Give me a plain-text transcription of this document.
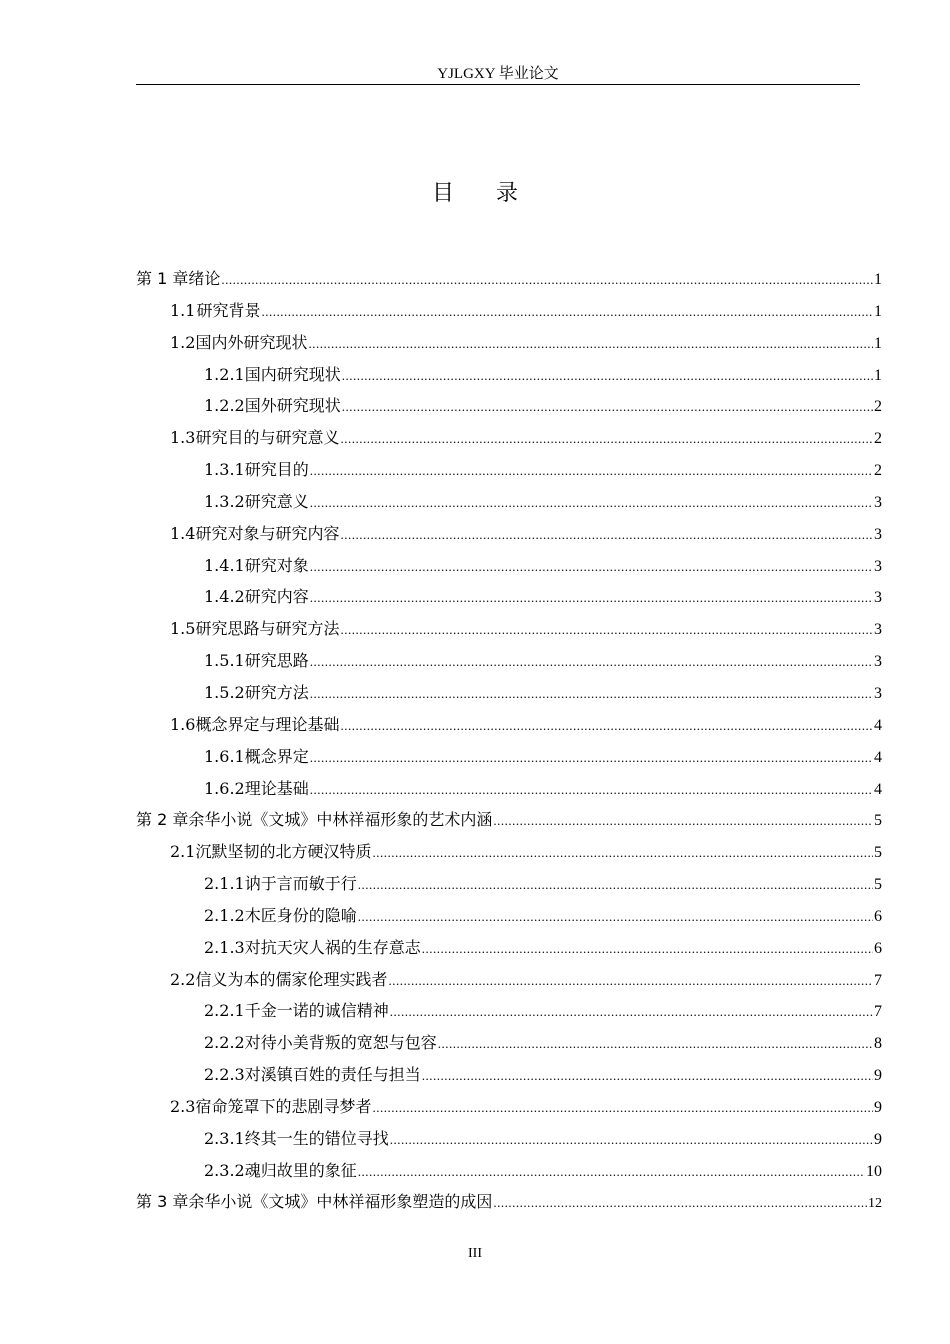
YJLGXY 毕业论文
目录
第 1 章 绪论 .....	1
1.1 研究背景 .....	1
1.2 国内外研究现状 .....	1
1.2.1 国内研究现状 .....	1
1.2.2 国外研究现状 .....	2
1.3 研究目的与研究意义 .....	2
1.3.1 研究目的 .....	2
1.3.2 研究意义 .....	3
1.4 研究对象与研究内容 .....	3
1.4.1 研究对象 .....	3
1.4.2 研究内容 .....	3
1.5 研究思路与研究方法 .....	3
1.5.1 研究思路 .....	3
1.5.2 研究方法 .....	3
1.6 概念界定与理论基础 .....	4
1.6.1 概念界定 .....	4
1.6.2 理论基础 .....	4
第 2 章 余华小说《文城》中林祥福形象的艺术内涵 .....	5
2.1 沉默坚韧的北方硬汉特质 .....	5
2.1.1 讷于言而敏于行 .....	5
2.1.2 木匠身份的隐喻 .....	6
2.1.3 对抗天灾人祸的生存意志 .....	6
2.2 信义为本的儒家伦理实践者 .....	7
2.2.1 千金一诺的诚信精神 .....	7
2.2.2 对待小美背叛的宽恕与包容 .....	8
2.2.3 对溪镇百姓的责任与担当 .....	9
2.3 宿命笼罩下的悲剧寻梦者 .....	9
2.3.1 终其一生的错位寻找 .....	9
2.3.2 魂归故里的象征 .....	10
第 3 章 余华小说《文城》中林祥福形象塑造的成因 .....	12
III
